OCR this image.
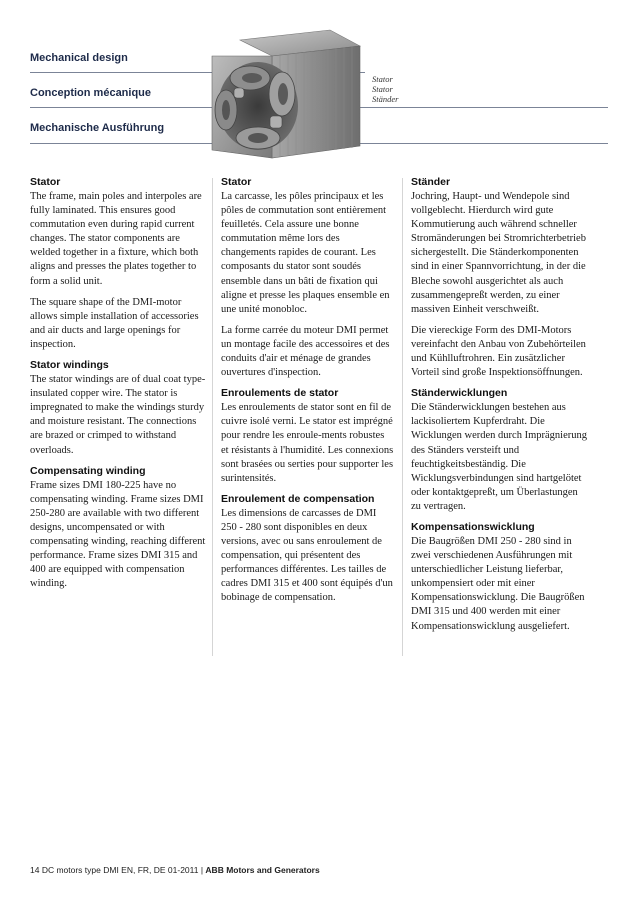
Mechanical design
Conception mécanique
Mechanische Ausführung
Stator
Stator
Ständer
Stator

The frame, main poles and interpoles are fully laminated. This ensures good commutation even during rapid current changes. The stator components are welded together in a fixture, which both aligns and presses the plates together to form a solid unit.

The square shape of the DMI-motor allows simple installation of accessories and air ducts and large openings for inspection.

Stator windings

The stator windings are of dual coat type-insulated copper wire. The stator is impregnated to make the windings sturdy and moisture resistant. The connections are brazed or crimped to withstand overloads.

Compensating winding

Frame sizes DMI 180-225 have no compensating winding. Frame sizes DMI 250-280 are available with two different designs, uncompensated or with compensating winding, reaching different performance. Frame sizes DMI 315 and 400 are equipped with compensation winding.

Stator

La carcasse, les pôles principaux et les pôles de commutation sont entièrement feuilletés. Cela assure une bonne commutation même lors des changements rapides de courant. Les composants du stator sont soudés ensemble dans un bâti de fixation qui aligne et presse les plaques ensemble en une unité monobloc.

La forme carrée du moteur DMI permet un montage facile des accessoires et des conduits d'air et ménage de grandes ouvertures d'inspection.

Enroulements de stator

Les enroulements de stator sont en fil de cuivre isolé verni. Le stator est imprégné pour rendre les enroule-ments robustes et résistants à l'humidité. Les connexions sont brasées ou serties pour supporter les surintensités.

Enroulement de compensation

Les dimensions de carcasses de DMI 250 - 280 sont disponibles en deux versions, avec ou sans enroulement de compensation, qui présentent des performances différentes. Les tailles de cadres DMI 315 et 400 sont équipés d'un bobinage de compensation.

Ständer

Jochring, Haupt- und Wendepole sind vollgeblecht. Hierdurch wird gute Kommutierung auch während schneller Stromänderungen bei Stromrichterbetrieb sichergestellt. Die Ständerkomponenten sind in einer Spannvorrichtung, in der die Bleche sowohl ausgerichtet als auch zusammengepreßt werden, zu einer massiven Einheit verschweißt.

Die viereckige Form des DMI-Motors vereinfacht den Anbau von Zubehörteilen und Kühlluftrohren. Ein zusätzlicher Vorteil sind große Inspektionsöffnungen.

Ständerwicklungen

Die Ständerwicklungen bestehen aus lackisoliertem Kupferdraht. Die Wicklungen werden durch Imprägnierung des Ständers versteift und feuchtigkeitsbeständig. Die Wicklungsverbindungen sind hartgelötet oder kontaktgepreßt, um Überlastungen zu vertragen.

Kompensationswicklung

Die Baugrößen DMI 250 - 280 sind in zwei verschiedenen Ausführungen mit unterschiedlicher Leistung lieferbar, unkompensiert oder mit einer Kompensationswicklung. Die Baugrößen DMI 315 und 400 werden mit einer Kompensationswicklung ausgeliefert.

14 DC motors type DMI EN, FR, DE 01-2011 | ABB Motors and Generators
